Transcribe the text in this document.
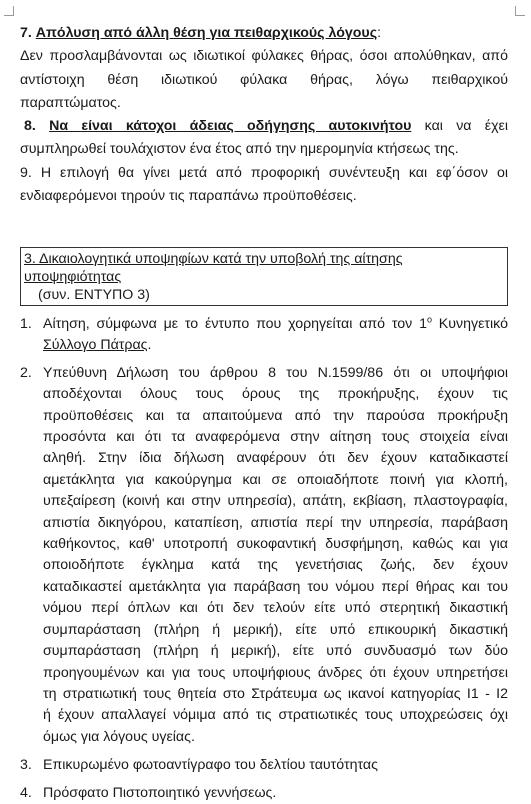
7. Απόλυση από άλλη θέση για πειθαρχικούς λόγους:

Δεν προσλαμβάνονται ως ιδιωτικοί φύλακες θήρας, όσοι απολύθηκαν, από

αντίστοιχη θέση ιδιωτικού φύλακα θήρας, λόγω πειθαρχικού

παραπτώματος.

8. Να είναι κάτοχοι άδειας οδήγησης αυτοκινήτου και να έχει

συμπληρωθεί τουλάχιστον ένα έτος από την ημερομηνία κτήσεως της.

9. Η επιλογή θα γίνει μετά από προφορική συνέντευξη και εφ΄όσον οι

ενδιαφερόμενοι τηρούν τις παραπάνω προϋποθέσεις.

3. Δικαιολογητικά υποψηφίων κατά την υποβολή της αίτησης
υποψηφιότητας
(συν. ΕΝΤΥΠΟ 3)
1. Αίτηση, σύμφωνα με το έντυπο που χορηγείται από τον $1^o$ Κυνηγετικό
Σύλλογο Πάτρας.
2. Υπεύθυνη Δήλωση του άρθρου 8 του Ν.1599/86 ότι οι υποψήφιοι
αποδέχονται όλους τους όρους της προκήρυξης, έχουν τις
προϋποθέσεις και τα απαιτούμενα από την παρούσα προκήρυξη
προσόντα και ότι τα αναφερόμενα στην αίτηση τους στοιχεία είναι
αληθή. Στην ίδια δήλωση αναφέρουν ότι δεν έχουν καταδικαστεί
αμετάκλητα για κακούργημα και σε οποιαδήποτε ποινή για κλοπή,
υπεξαίρεση (κοινή και στην υπηρεσία), απάτη, εκβίαση, πλαστογραφία,
απιστία δικηγόρου, καταπίεση, απιστία περί την υπηρεσία, παράβαση
καθήκοντος, καθ' υποτροπή συκοφαντική δυσφήμηση, καθώς και για
οποιοδήποτε έγκλημα κατά της γενετήσιας ζωής, δεν έχουν
καταδικαστεί αμετάκλητα για παράβαση του νόμου περί θήρας και του
νόμου περί όπλων και ότι δεν τελούν είτε υπό στερητική δικαστική
συμπαράσταση (πλήρη ή μερική), είτε υπό επικουρική δικαστική
συμπαράσταση (πλήρη ή μερική), είτε υπό συνδυασμό των δύο
προηγουμένων και για τους υποψήφιους άνδρες ότι έχουν υπηρετήσει
τη στρατιωτική τους θητεία στο Στράτευμα ως ικανοί κατηγορίας Ι1 - Ι2
ή έχουν απαλλαγεί νόμιμα από τις στρατιωτικές τους υποχρεώσεις όχι
όμως για λόγους υγείας.
3. Επικυρωμένο φωτοαντίγραφο του δελτίου ταυτότητας
4. Πρόσφατο Πιστοποιητικό γεννήσεως.
